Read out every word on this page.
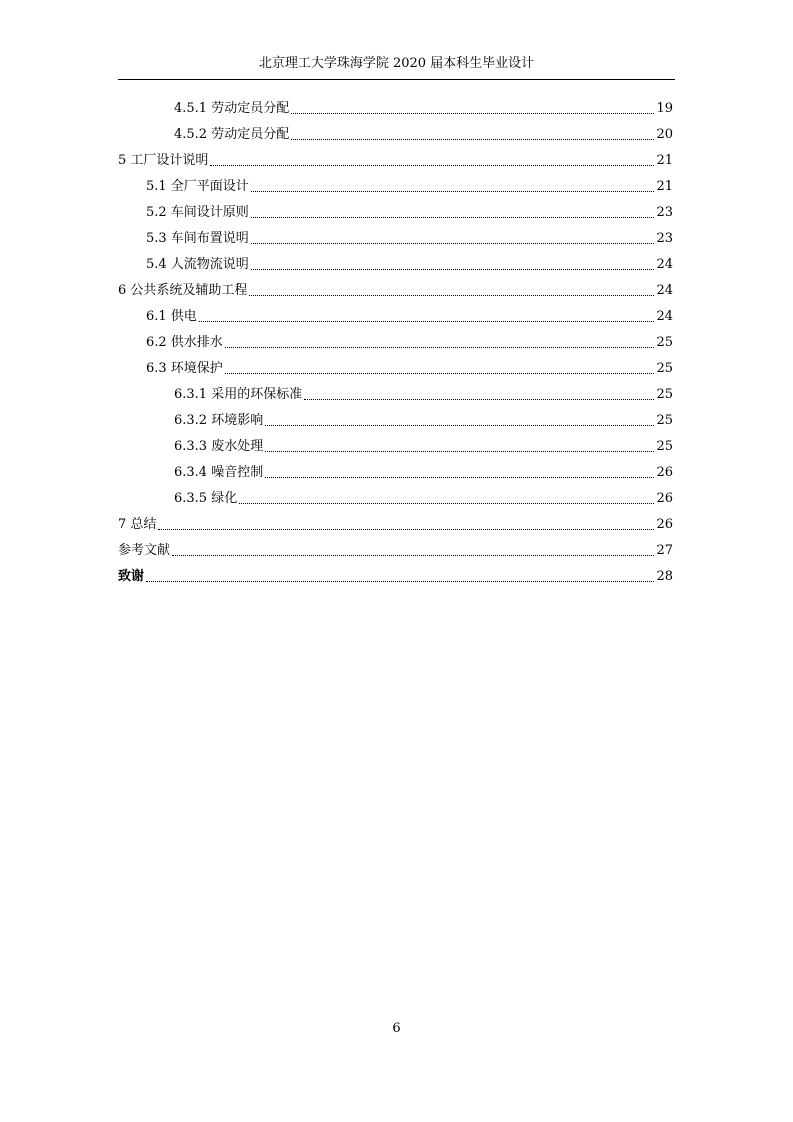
北京理工大学珠海学院 2020 届本科生毕业设计
4.5.1 劳动定员分配	19
4.5.2 劳动定员分配	20
5 工厂设计说明	21
5.1 全厂平面设计	21
5.2 车间设计原则	23
5.3 车间布置说明	23
5.4 人流物流说明	24
6 公共系统及辅助工程	24
6.1 供电	24
6.2 供水排水	25
6.3 环境保护	25
6.3.1 采用的环保标准	25
6.3.2 环境影响	25
6.3.3 废水处理	25
6.3.4 噪音控制	26
6.3.5 绿化	26
7 总结	26
参考文献	27
致谢	28
6
